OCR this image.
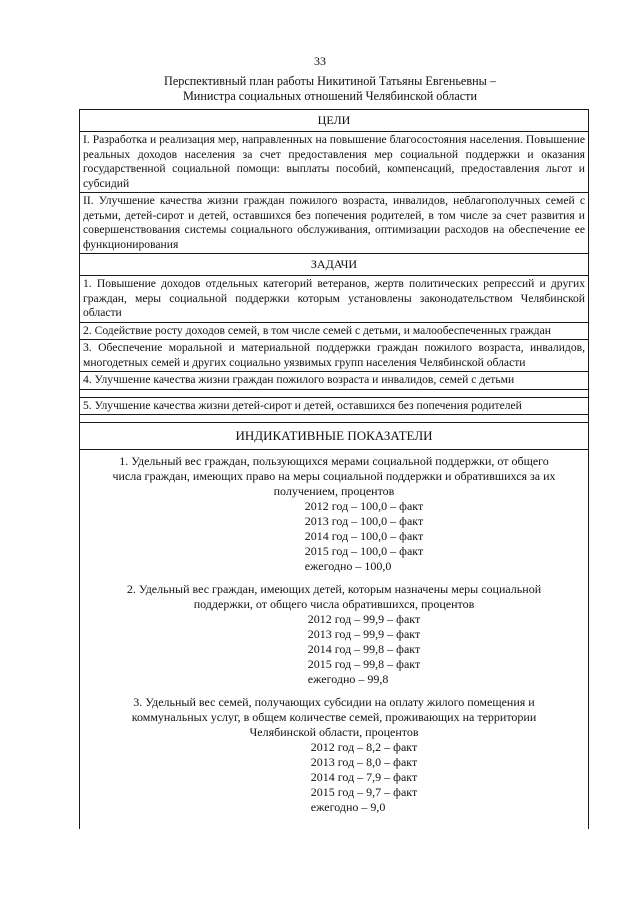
33
Перспективный план работы Никитиной Татьяны Евгеньевны –
Министра социальных отношений Челябинской области
ЦЕЛИ
I. Разработка и реализация мер, направленных на повышение благосостояния населения. Повышение реальных доходов населения за счет предоставления мер социальной поддержки и оказания государственной социальной помощи: выплаты пособий, компенсаций, предоставления льгот и субсидий
II. Улучшение качества жизни граждан пожилого возраста, инвалидов, неблагополучных семей с детьми, детей-сирот и детей, оставшихся без попечения родителей, в том числе за счет развития и совершенствования системы социального обслуживания, оптимизации расходов на обеспечение ее функционирования
ЗАДАЧИ
1. Повышение доходов отдельных категорий ветеранов, жертв политических репрессий и других граждан, меры социальной поддержки которым установлены законодательством Челябинской области
2. Содействие росту доходов семей, в том числе семей с детьми, и малообеспеченных граждан
3. Обеспечение моральной и материальной поддержки граждан пожилого возраста, инвалидов, многодетных семей и других социально уязвимых групп населения Челябинской области
4. Улучшение качества жизни граждан пожилого возраста и инвалидов, семей с детьми
5. Улучшение качества жизни детей-сирот и детей, оставшихся без попечения родителей
ИНДИКАТИВНЫЕ ПОКАЗАТЕЛИ
1. Удельный вес граждан, пользующихся мерами социальной поддержки, от общего
числа граждан, имеющих право на меры социальной поддержки и обратившихся за их
получением, процентов
2012 год – 100,0 – факт
2013 год – 100,0 – факт
2014 год – 100,0 – факт
2015 год – 100,0 – факт
ежегодно – 100,0
2. Удельный вес граждан, имеющих детей, которым назначены меры социальной
поддержки, от общего числа обратившихся, процентов
2012 год – 99,9 – факт
2013 год – 99,9 – факт
2014 год – 99,8 – факт
2015 год – 99,8 – факт
ежегодно – 99,8
3. Удельный вес семей, получающих субсидии на оплату жилого помещения и
коммунальных услуг, в общем количестве семей, проживающих на территории
Челябинской области, процентов
2012 год – 8,2 – факт
2013 год – 8,0 – факт
2014 год – 7,9 – факт
2015 год – 9,7 – факт
ежегодно – 9,0
